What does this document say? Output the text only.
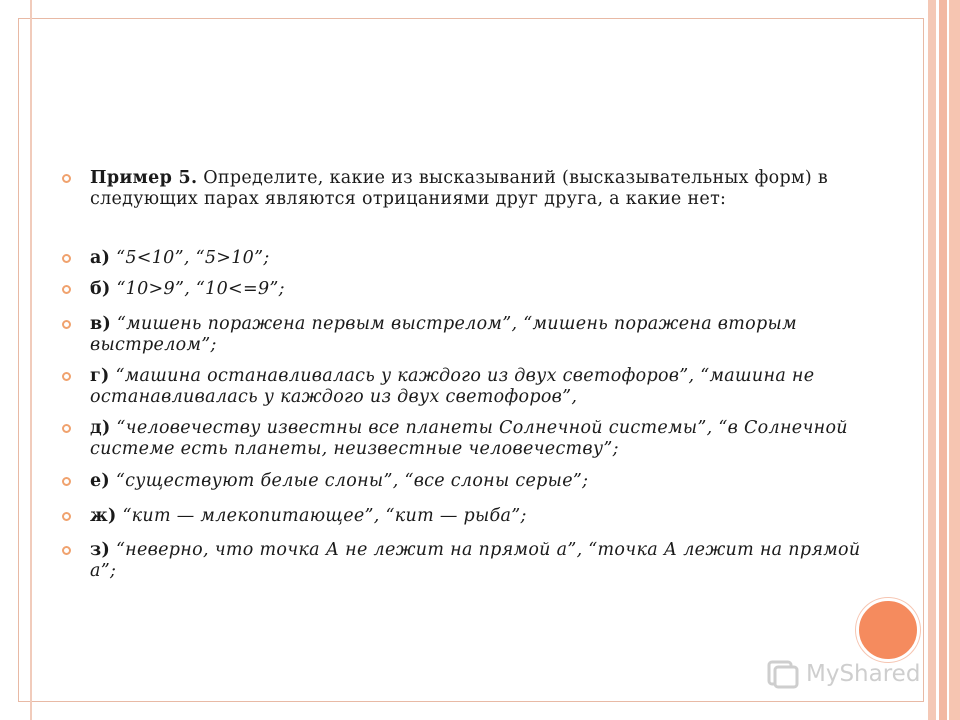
Пример 5. Определите, какие из высказываний (высказывательных форм) в следующих парах являются отрицаниями друг друга, а какие нет:
а) “5<10”, “5>10”;
б) “10>9”, “10<=9”;
в) “мишень поражена первым выстрелом”, “мишень поражена вторым выстрелом”;
г) “машина останавливалась у каждого из двух светофоров”, “машина не останавливалась у каждого из двух светофоров”,
д) “человечеству известны все планеты Солнечной системы”, “в Солнечной системе есть планеты, неизвестные человечеству”;
е) “существуют белые слоны”, “все слоны серые”;
ж) “кит — млекопитающее”, “кит — рыба”;
з) “неверно, что точка А не лежит на прямой а”, “точка А лежит на прямой а”;
MyShared
